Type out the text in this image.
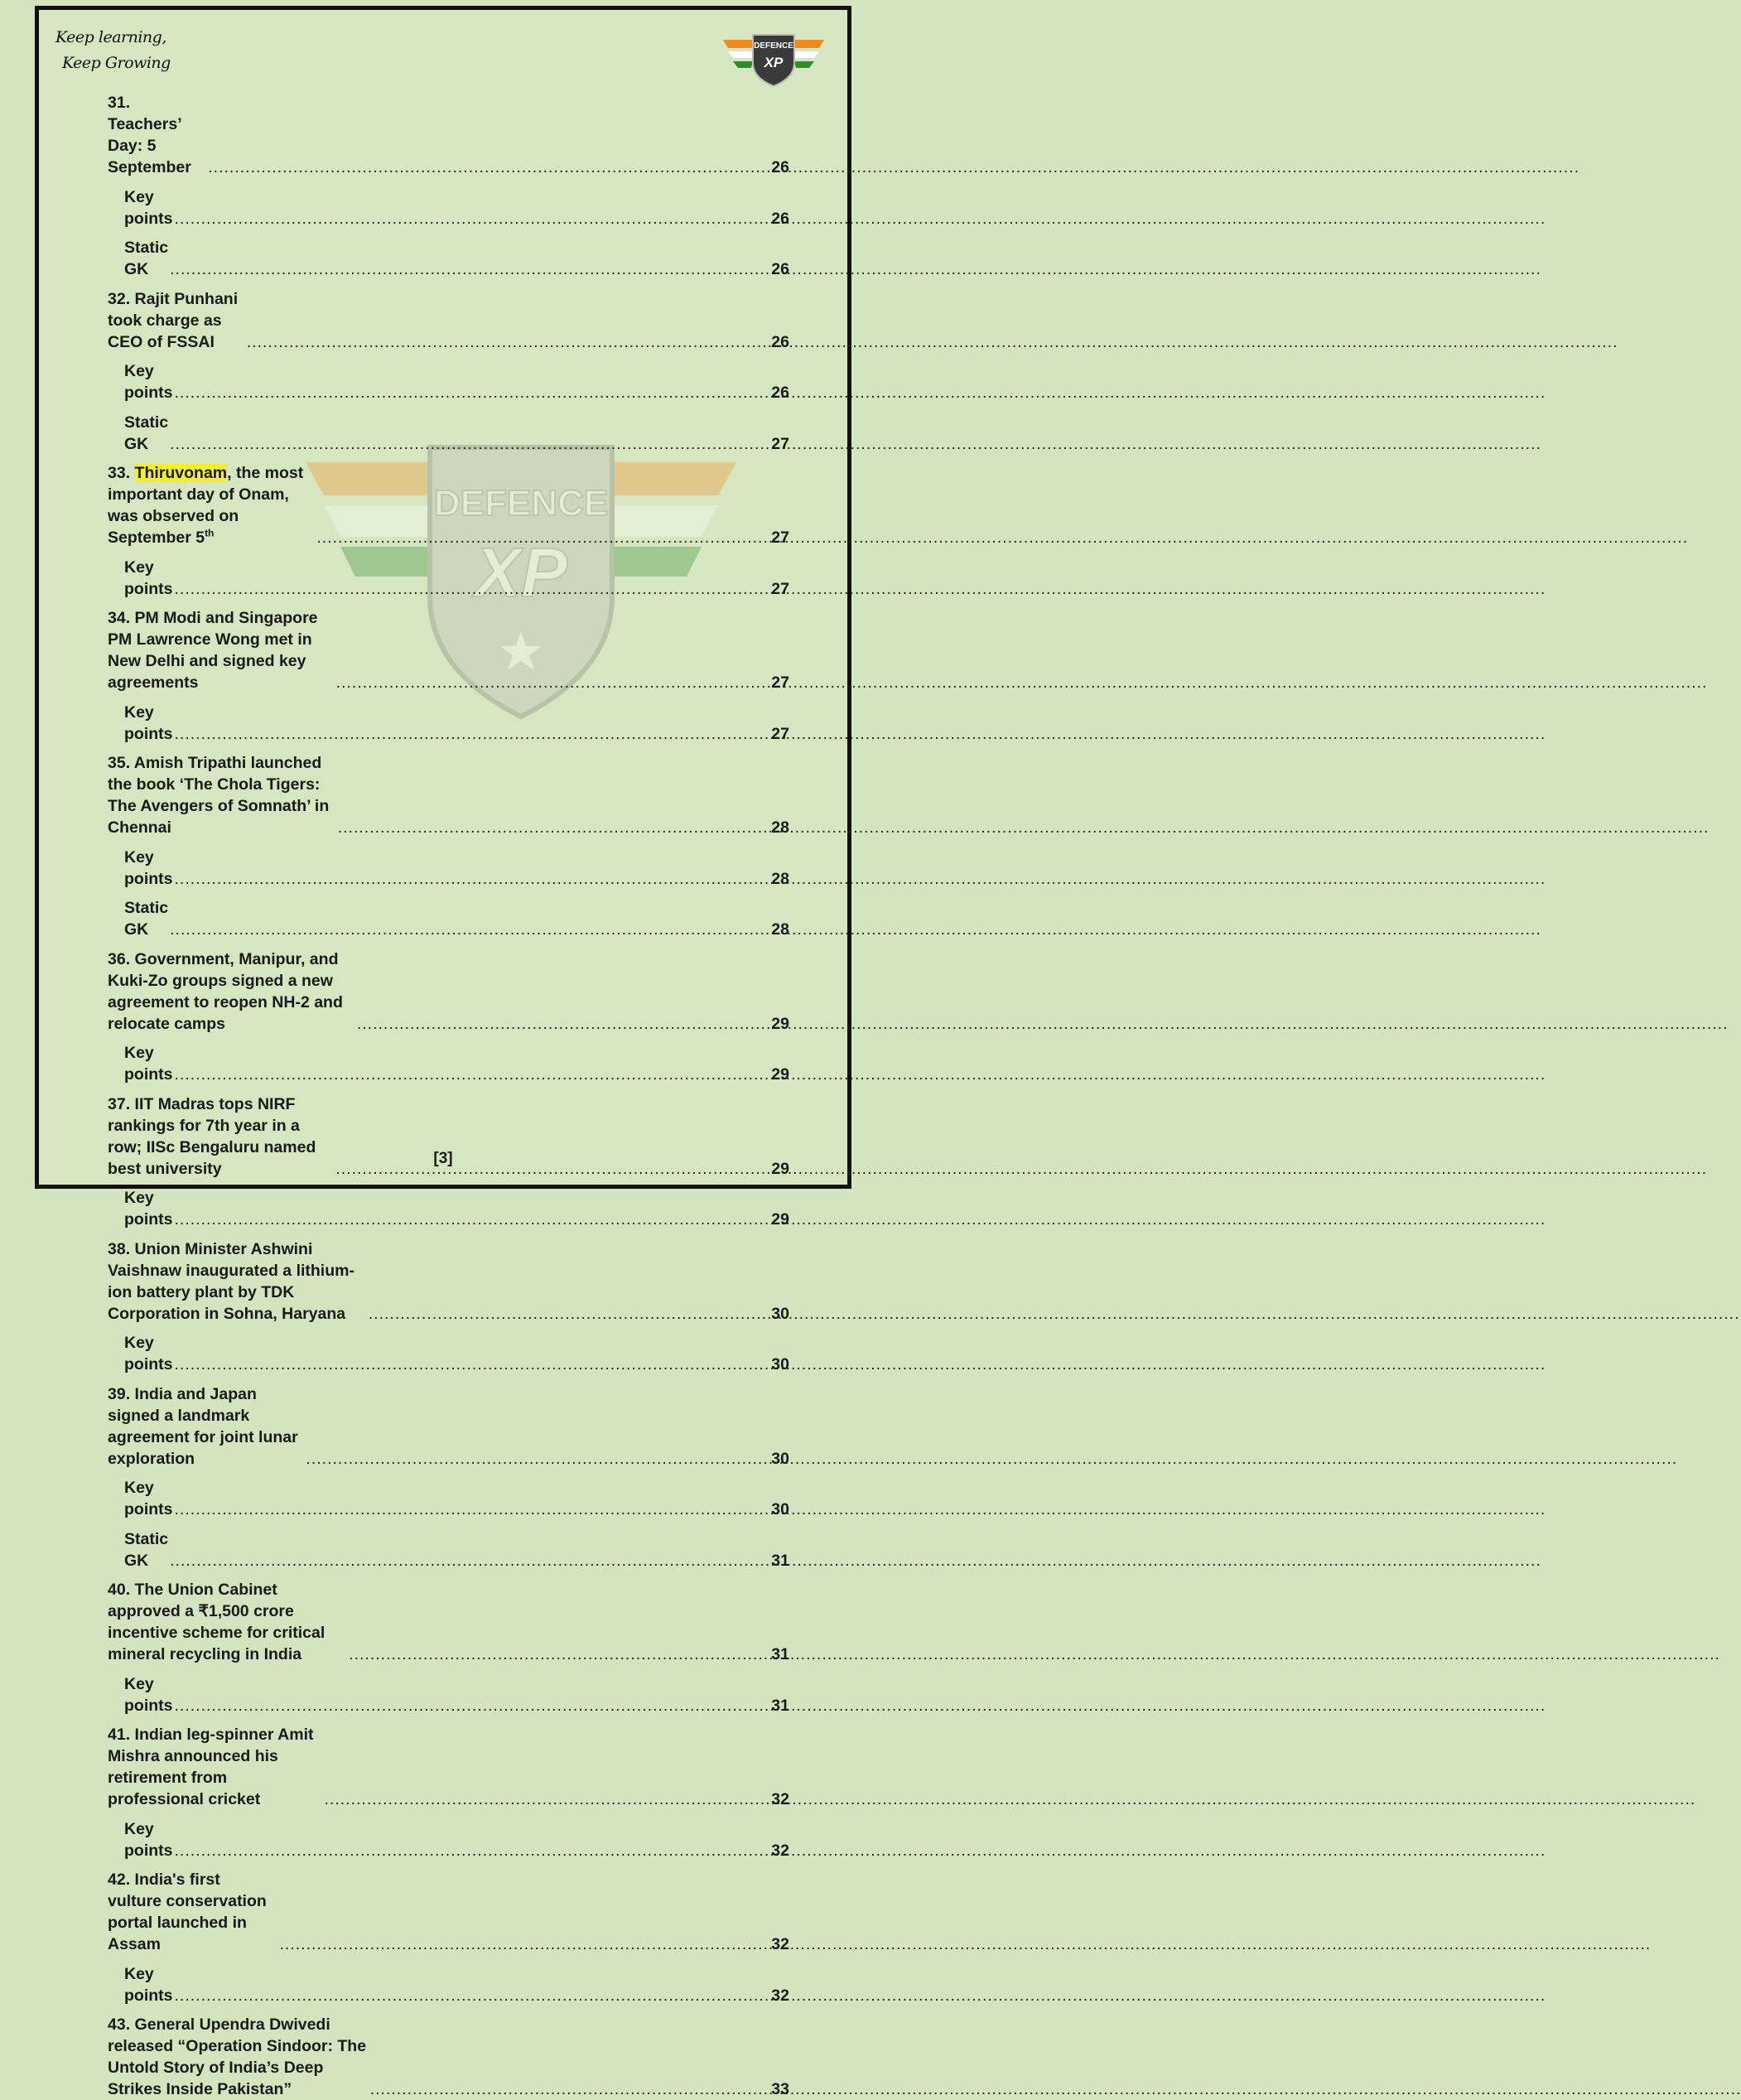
Keep learning,
Keep Growing
DEFENCE
XP
DEFENCE
XP
31. Teachers’ Day: 5 September .....	26
Key points .....	26
Static GK .....	26
32. Rajit Punhani took charge as CEO of FSSAI .....	26
Key points .....	26
Static GK .....	27
33. Thiruvonam, the most important day of Onam, was observed on September 5th .....	27
Key points .....	27
34. PM Modi and Singapore PM Lawrence Wong met in New Delhi and signed key agreements .....	27
Key points .....	27
35. Amish Tripathi launched the book ‘The Chola Tigers: The Avengers of Somnath’ in Chennai .....	28
Key points .....	28
Static GK .....	28
36. Government, Manipur, and Kuki-Zo groups signed a new agreement to reopen NH-2 and relocate camps .....	29
Key points .....	29
37. IIT Madras tops NIRF rankings for 7th year in a row; IISc Bengaluru named best university .....	29
Key points .....	29
38. Union Minister Ashwini Vaishnaw inaugurated a lithium-ion battery plant by TDK Corporation in Sohna, Haryana .....	30
Key points .....	30
39. India and Japan signed a landmark agreement for joint lunar exploration .....	30
Key points .....	30
Static GK .....	31
40. The Union Cabinet approved a ₹1,500 crore incentive scheme for critical mineral recycling in India .....	31
Key points .....	31
41. Indian leg-spinner Amit Mishra announced his retirement from professional cricket .....	32
Key points .....	32
42. India's first vulture conservation portal launched in Assam .....	32
Key points .....	32
43. General Upendra Dwivedi released “Operation Sindoor: The Untold Story of India’s Deep Strikes Inside Pakistan” .....	33
[3]
